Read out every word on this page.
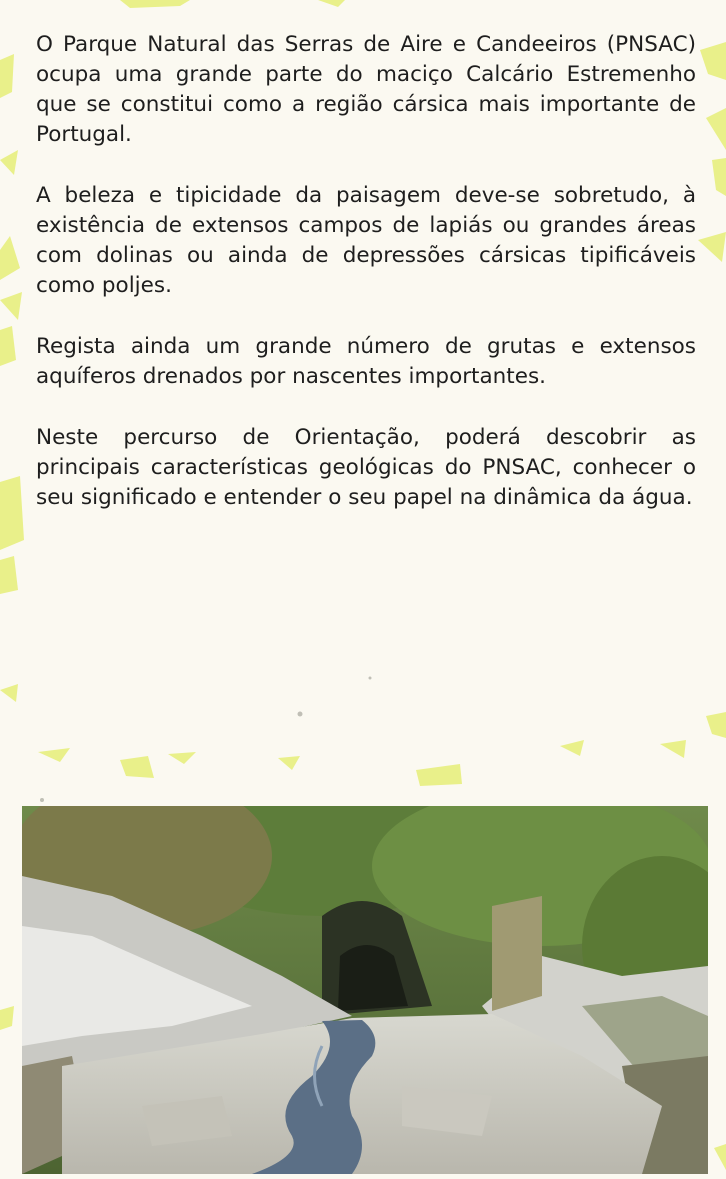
O Parque Natural das Serras de Aire e Candeeiros (PNSAC) ocupa uma grande parte do maciço Calcário Estremenho que se constitui como a região cársica mais importante de Portugal.

A beleza e tipicidade da paisagem deve-se sobretudo, à existência de extensos campos de lapiás ou grandes áreas com dolinas ou ainda de depressões cársicas tipificáveis como poljes.

Regista ainda um grande número de grutas e extensos aquíferos drenados por nascentes importantes.

Neste percurso de Orientação, poderá descobrir as principais características geológicas do PNSAC, conhecer o seu significado e entender o seu papel na dinâmica da água.
